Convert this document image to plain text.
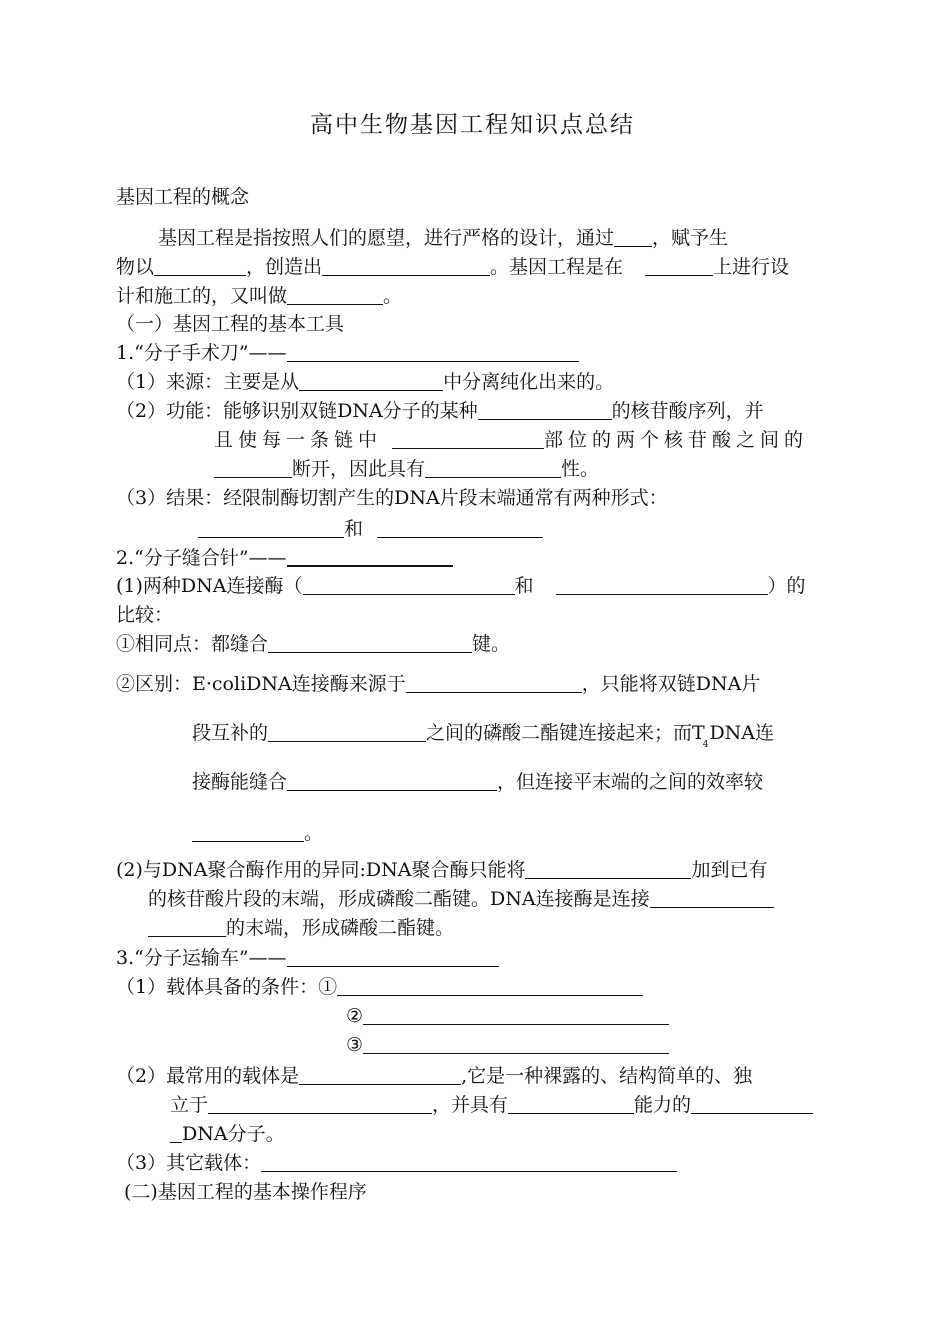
高中生物基因工程知识点总结
基因工程的概念
基因工程是指按照人们的愿望，进行严格的设计，通过 ，赋予生
物以	，创造出	。基因工程是在	上进行设
计和施工的，又叫做	。
（一）基因工程的基本工具
1.“分子手术刀”——
（1）来源：主要是从	中分离纯化出来的。
（2）功能：能够识别双链DNA分子的某种	的核苷酸序列，并
且使每一条链中	部位的两个核苷酸之间的
断开，因此具有	性。
（3）结果：经限制酶切割产生的DNA片段末端通常有两种形式：
和
2.“分子缝合针”——
(1)两种DNA连接酶（	和	）的
比较：
①相同点：都缝合	键。
②区别：E·coliDNA连接酶来源于	，只能将双链DNA片
段互补的	之间的磷酸二酯键连接起来；而$T_4DNA$连
接酶能缝合	，但连接平末端的之间的效率较
。
(2)与DNA聚合酶作用的异同:DNA聚合酶只能将	加到已有
的核苷酸片段的末端，形成磷酸二酯键。DNA连接酶是连接
的末端，形成磷酸二酯键。
3.“分子运输车”——
（1）载体具备的条件：①
②
③
（2）最常用的载体是	,它是一种裸露的、结构简单的、独
立于	，并具有	能力的
DNA分子。
（3）其它载体：
(二)基因工程的基本操作程序
